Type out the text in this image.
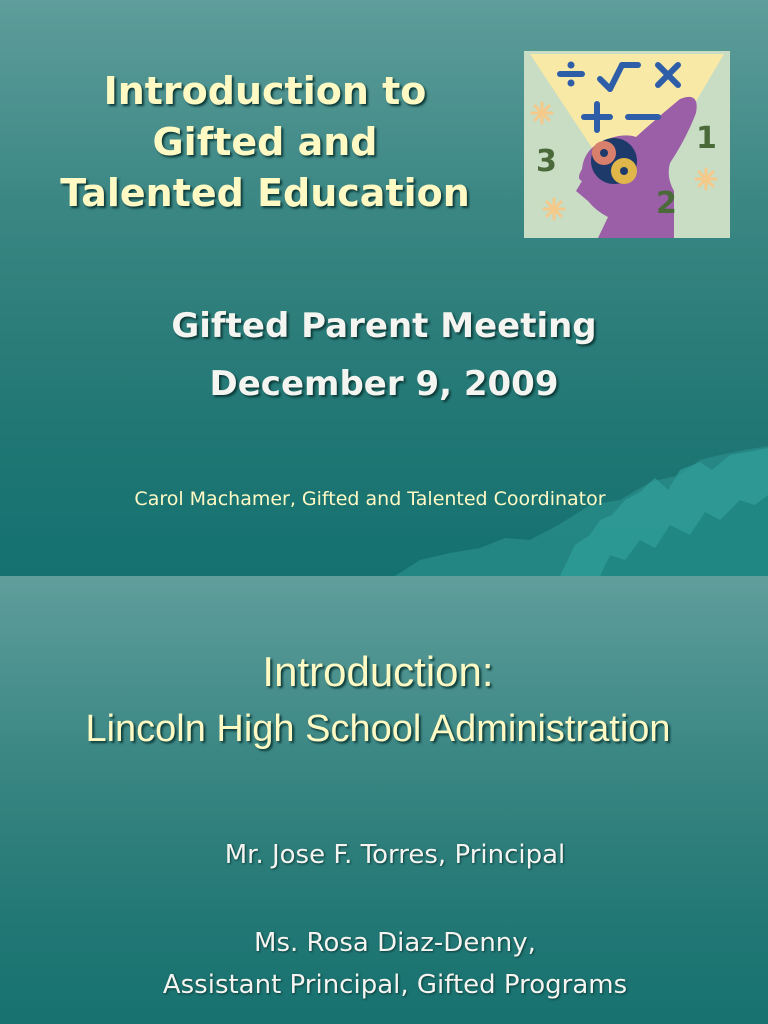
Introduction to
Gifted and
Talented Education
1
2
3

Gifted Parent Meeting

December 9, 2009

Carol Machamer, Gifted and Talented Coordinator

Introduction:

Lincoln High School Administration

Mr. Jose F. Torres, Principal

Ms. Rosa Diaz-Denny,

Assistant Principal, Gifted Programs
